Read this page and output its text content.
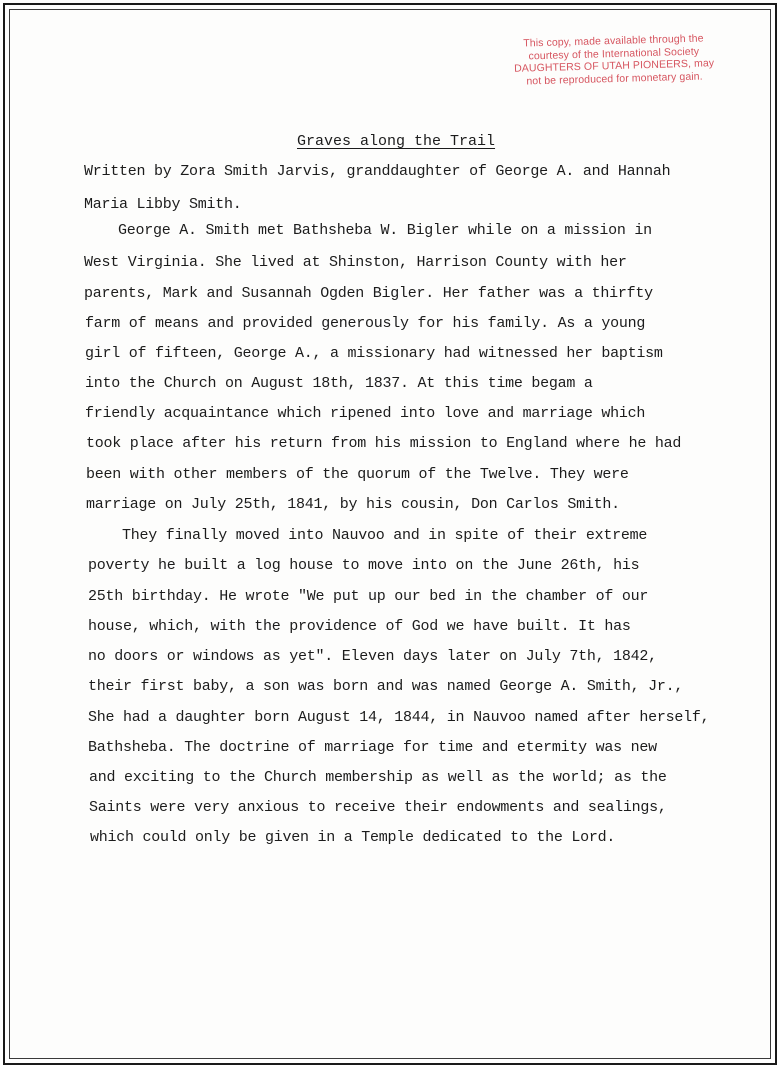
This copy, made available through the
courtesy of the International Society
DAUGHTERS OF UTAH PIONEERS, may
not be reproduced for monetary gain.
Graves along the Trail
Written by Zora Smith Jarvis, granddaughter of George A. and Hannah
Maria Libby Smith.
George A. Smith met Bathsheba W. Bigler while on a mission in
West Virginia. She lived at Shinston, Harrison County with her
parents, Mark and Susannah Ogden Bigler. Her father was a thirfty
farm of means and provided generously for his family. As a young
girl of fifteen, George A., a missionary had witnessed her baptism
into the Church on August 18th, 1837. At this time begam a
friendly acquaintance which ripened into love and marriage which
took place after his return from his mission to England where he had
been with other members of the quorum of the Twelve. They were
marriage on July 25th, 1841, by his cousin, Don Carlos Smith.
They finally moved into Nauvoo and in spite of their extreme
poverty he built a log house to move into on the June 26th, his
25th birthday. He wrote "We put up our bed in the chamber of our
house, which, with the providence of God we have built. It has
no doors or windows as yet". Eleven days later on July 7th, 1842,
their first baby, a son was born and was named George A. Smith, Jr.,
She had a daughter born August 14, 1844, in Nauvoo named after herself,
Bathsheba. The doctrine of marriage for time and etermity was new
and exciting to the Church membership as well as the world; as the
Saints were very anxious to receive their endowments and sealings,
which could only be given in a Temple dedicated to the Lord.
